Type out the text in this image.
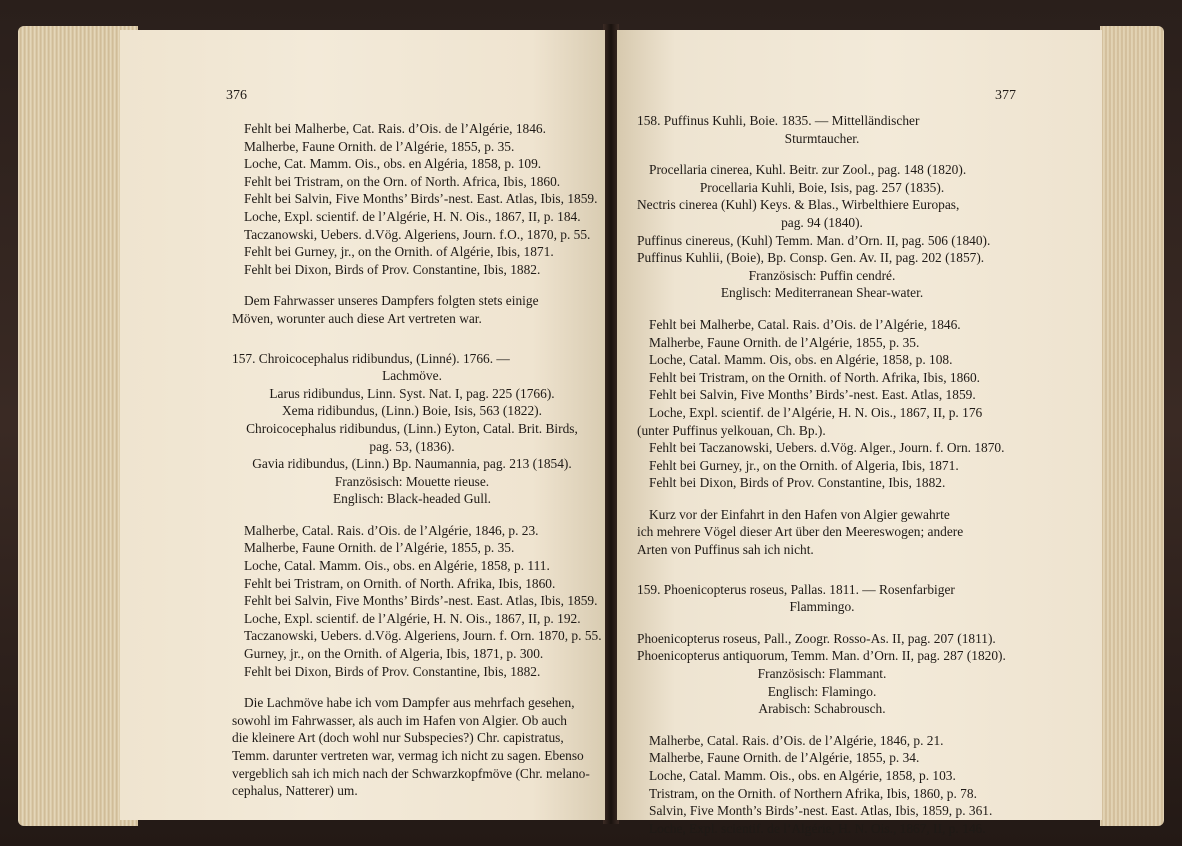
376
Fehlt bei Malherbe, Cat. Rais. d’Ois. de l’Algérie, 1846.
Malherbe, Faune Ornith. de l’Algérie, 1855, p. 35.
Loche, Cat. Mamm. Ois., obs. en Algéria, 1858, p. 109.
Fehlt bei Tristram, on the Orn. of North. Africa, Ibis, 1860.
Fehlt bei Salvin, Five Months’ Birds’-nest. East. Atlas, Ibis, 1859.
Loche, Expl. scientif. de l’Algérie, H. N. Ois., 1867, II, p. 184.
Taczanowski, Uebers. d.Vög. Algeriens, Journ. f.O., 1870, p. 55.
Fehlt bei Gurney, jr., on the Ornith. of Algérie, Ibis, 1871.
Fehlt bei Dixon, Birds of Prov. Constantine, Ibis, 1882.
Dem Fahrwasser unseres Dampfers folgten stets einige
Möven, worunter auch diese Art vertreten war.
157. Chroicocephalus ridibundus, (Linné). 1766. —
Lachmöve.
Larus ridibundus, Linn. Syst. Nat. I, pag. 225 (1766).
Xema ridibundus, (Linn.) Boie, Isis, 563 (1822).
Chroicocephalus ridibundus, (Linn.) Eyton, Catal. Brit. Birds,
pag. 53, (1836).
Gavia ridibundus, (Linn.) Bp. Naumannia, pag. 213 (1854).
Französisch: Mouette rieuse.
Englisch: Black-headed Gull.
Malherbe, Catal. Rais. d’Ois. de l’Algérie, 1846, p. 23.
Malherbe, Faune Ornith. de l’Algérie, 1855, p. 35.
Loche, Catal. Mamm. Ois., obs. en Algérie, 1858, p. 111.
Fehlt bei Tristram, on Ornith. of North. Afrika, Ibis, 1860.
Fehlt bei Salvin, Five Months’ Birds’-nest. East. Atlas, Ibis, 1859.
Loche, Expl. scientif. de l’Algérie, H. N. Ois., 1867, II, p. 192.
Taczanowski, Uebers. d.Vög. Algeriens, Journ. f. Orn. 1870, p. 55.
Gurney, jr., on the Ornith. of Algeria, Ibis, 1871, p. 300.
Fehlt bei Dixon, Birds of Prov. Constantine, Ibis, 1882.
Die Lachmöve habe ich vom Dampfer aus mehrfach gesehen,
sowohl im Fahrwasser, als auch im Hafen von Algier. Ob auch
die kleinere Art (doch wohl nur Subspecies?) Chr. capistratus,
Temm. darunter vertreten war, vermag ich nicht zu sagen. Ebenso
vergeblich sah ich mich nach der Schwarzkopfmöve (Chr. melano-
cephalus, Natterer) um.
377
158. Puffinus Kuhli, Boie. 1835. — Mittelländischer
Sturmtaucher.
Procellaria cinerea, Kuhl. Beitr. zur Zool., pag. 148 (1820).
Procellaria Kuhli, Boie, Isis, pag. 257 (1835).
Nectris cinerea (Kuhl) Keys. & Blas., Wirbelthiere Europas,
pag. 94 (1840).
Puffinus cinereus, (Kuhl) Temm. Man. d’Orn. II, pag. 506 (1840).
Puffinus Kuhlii, (Boie), Bp. Consp. Gen. Av. II, pag. 202 (1857).
Französisch: Puffin cendré.
Englisch: Mediterranean Shear-water.
Fehlt bei Malherbe, Catal. Rais. d’Ois. de l’Algérie, 1846.
Malherbe, Faune Ornith. de l’Algérie, 1855, p. 35.
Loche, Catal. Mamm. Ois, obs. en Algérie, 1858, p. 108.
Fehlt bei Tristram, on the Ornith. of North. Afrika, Ibis, 1860.
Fehlt bei Salvin, Five Months’ Birds’-nest. East. Atlas, 1859.
Loche, Expl. scientif. de l’Algérie, H. N. Ois., 1867, II, p. 176
(unter Puffinus yelkouan, Ch. Bp.).
Fehlt bei Taczanowski, Uebers. d.Vög. Alger., Journ. f. Orn. 1870.
Fehlt bei Gurney, jr., on the Ornith. of Algeria, Ibis, 1871.
Fehlt bei Dixon, Birds of Prov. Constantine, Ibis, 1882.
Kurz vor der Einfahrt in den Hafen von Algier gewahrte
ich mehrere Vögel dieser Art über den Meereswogen; andere
Arten von Puffinus sah ich nicht.
159. Phoenicopterus roseus, Pallas. 1811. — Rosenfarbiger
Flammingo.
Phoenicopterus roseus, Pall., Zoogr. Rosso-As. II, pag. 207 (1811).
Phoenicopterus antiquorum, Temm. Man. d’Orn. II, pag. 287 (1820).
Französisch: Flammant.
Englisch: Flamingo.
Arabisch: Schabrousch.
Malherbe, Catal. Rais. d’Ois. de l’Algérie, 1846, p. 21.
Malherbe, Faune Ornith. de l’Algérie, 1855, p. 34.
Loche, Catal. Mamm. Ois., obs. en Algérie, 1858, p. 103.
Tristram, on the Ornith. of Northern Afrika, Ibis, 1860, p. 78.
Salvin, Five Month’s Birds’-nest. East. Atlas, Ibis, 1859, p. 361.
Loche, Expl. scientif. de l’Algérie, H. N. Ois., 1867, II, p. 146.
